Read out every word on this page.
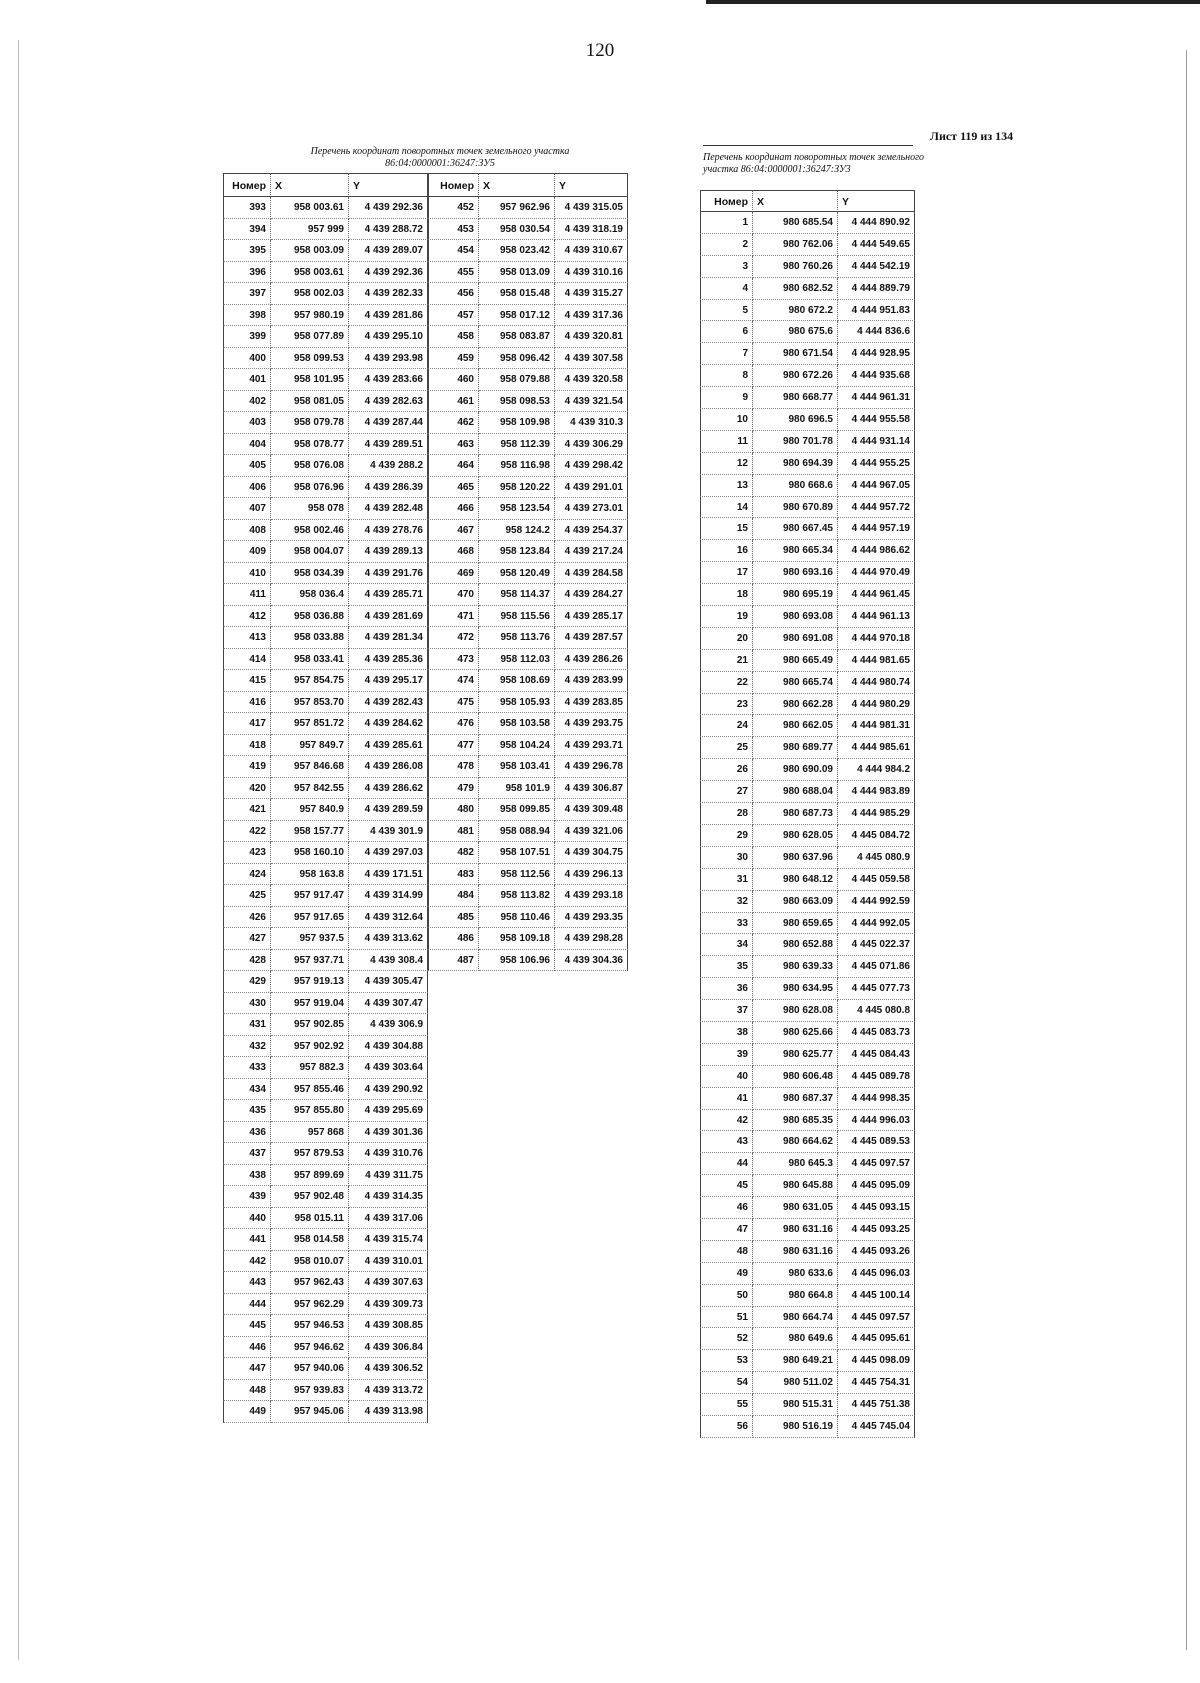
120
Лист 119 из 134
Перечень координат поворотных точек земельного участка
86:04:0000001:36247:ЗУ5
Перечень координат поворотных точек земельного
участка 86:04:0000001:36247:ЗУ3
Номер X	Y
393	958 003.61	4 439 292.36
394	957 999	4 439 288.72
395	958 003.09	4 439 289.07
396	958 003.61	4 439 292.36
397	958 002.03	4 439 282.33
398	957 980.19	4 439 281.86
399	958 077.89	4 439 295.10
400	958 099.53	4 439 293.98
401	958 101.95	4 439 283.66
402	958 081.05	4 439 282.63
403	958 079.78	4 439 287.44
404	958 078.77	4 439 289.51
405	958 076.08	4 439 288.2
406	958 076.96	4 439 286.39
407	958 078	4 439 282.48
408	958 002.46	4 439 278.76
409	958 004.07	4 439 289.13
410	958 034.39	4 439 291.76
411	958 036.4	4 439 285.71
412	958 036.88	4 439 281.69
413	958 033.88	4 439 281.34
414	958 033.41	4 439 285.36
415	957 854.75	4 439 295.17
416	957 853.70	4 439 282.43
417	957 851.72	4 439 284.62
418	957 849.7	4 439 285.61
419	957 846.68	4 439 286.08
420	957 842.55	4 439 286.62
421	957 840.9	4 439 289.59
422	958 157.77	4 439 301.9
423	958 160.10	4 439 297.03
424	958 163.8	4 439 171.51
425	957 917.47	4 439 314.99
426	957 917.65	4 439 312.64
427	957 937.5	4 439 313.62
428	957 937.71	4 439 308.4
429	957 919.13	4 439 305.47
430	957 919.04	4 439 307.47
431	957 902.85	4 439 306.9
432	957 902.92	4 439 304.88
433	957 882.3	4 439 303.64
434	957 855.46	4 439 290.92
435	957 855.80	4 439 295.69
436	957 868	4 439 301.36
437	957 879.53	4 439 310.76
438	957 899.69	4 439 311.75
439	957 902.48	4 439 314.35
440	958 015.11	4 439 317.06
441	958 014.58	4 439 315.74
442	958 010.07	4 439 310.01
443	957 962.43	4 439 307.63
444	957 962.29	4 439 309.73
445	957 946.53	4 439 308.85
446	957 946.62	4 439 306.84
447	957 940.06	4 439 306.52
448	957 939.83	4 439 313.72
449	957 945.06	4 439 313.98
Номер X	Y
452	957 962.96	4 439 315.05
453	958 030.54	4 439 318.19
454	958 023.42	4 439 310.67
455	958 013.09	4 439 310.16
456	958 015.48	4 439 315.27
457	958 017.12	4 439 317.36
458	958 083.87	4 439 320.81
459	958 096.42	4 439 307.58
460	958 079.88	4 439 320.58
461	958 098.53	4 439 321.54
462	958 109.98	4 439 310.3
463	958 112.39	4 439 306.29
464	958 116.98	4 439 298.42
465	958 120.22	4 439 291.01
466	958 123.54	4 439 273.01
467	958 124.2	4 439 254.37
468	958 123.84	4 439 217.24
469	958 120.49	4 439 284.58
470	958 114.37	4 439 284.27
471	958 115.56	4 439 285.17
472	958 113.76	4 439 287.57
473	958 112.03	4 439 286.26
474	958 108.69	4 439 283.99
475	958 105.93	4 439 283.85
476	958 103.58	4 439 293.75
477	958 104.24	4 439 293.71
478	958 103.41	4 439 296.78
479	958 101.9	4 439 306.87
480	958 099.85	4 439 309.48
481	958 088.94	4 439 321.06
482	958 107.51	4 439 304.75
483	958 112.56	4 439 296.13
484	958 113.82	4 439 293.18
485	958 110.46	4 439 293.35
486	958 109.18	4 439 298.28
487	958 106.96	4 439 304.36
Номер X	Y
1	980 685.54	4 444 890.92
2	980 762.06	4 444 549.65
3	980 760.26	4 444 542.19
4	980 682.52	4 444 889.79
5	980 672.2	4 444 951.83
6	980 675.6	4 444 836.6
7	980 671.54	4 444 928.95
8	980 672.26	4 444 935.68
9	980 668.77	4 444 961.31
10	980 696.5	4 444 955.58
11	980 701.78	4 444 931.14
12	980 694.39	4 444 955.25
13	980 668.6	4 444 967.05
14	980 670.89	4 444 957.72
15	980 667.45	4 444 957.19
16	980 665.34	4 444 986.62
17	980 693.16	4 444 970.49
18	980 695.19	4 444 961.45
19	980 693.08	4 444 961.13
20	980 691.08	4 444 970.18
21	980 665.49	4 444 981.65
22	980 665.74	4 444 980.74
23	980 662.28	4 444 980.29
24	980 662.05	4 444 981.31
25	980 689.77	4 444 985.61
26	980 690.09	4 444 984.2
27	980 688.04	4 444 983.89
28	980 687.73	4 444 985.29
29	980 628.05	4 445 084.72
30	980 637.96	4 445 080.9
31	980 648.12	4 445 059.58
32	980 663.09	4 444 992.59
33	980 659.65	4 444 992.05
34	980 652.88	4 445 022.37
35	980 639.33	4 445 071.86
36	980 634.95	4 445 077.73
37	980 628.08	4 445 080.8
38	980 625.66	4 445 083.73
39	980 625.77	4 445 084.43
40	980 606.48	4 445 089.78
41	980 687.37	4 444 998.35
42	980 685.35	4 444 996.03
43	980 664.62	4 445 089.53
44	980 645.3	4 445 097.57
45	980 645.88	4 445 095.09
46	980 631.05	4 445 093.15
47	980 631.16	4 445 093.25
48	980 631.16	4 445 093.26
49	980 633.6	4 445 096.03
50	980 664.8	4 445 100.14
51	980 664.74	4 445 097.57
52	980 649.6	4 445 095.61
53	980 649.21	4 445 098.09
54	980 511.02	4 445 754.31
55	980 515.31	4 445 751.38
56	980 516.19	4 445 745.04
